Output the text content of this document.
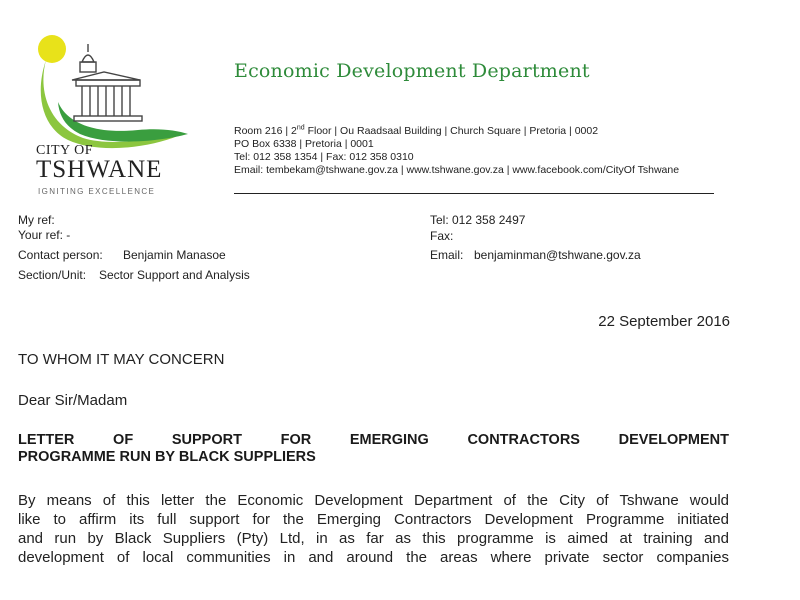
CITY OF
TSHWANE
IGNITING EXCELLENCE
Economic Development Department
Room 216 | 2nd Floor | Ou Raadsaal Building | Church Square | Pretoria | 0002
PO Box 6338 | Pretoria | 0001
Tel: 012 358 1354 | Fax: 012 358 0310
Email: tembekam@tshwane.gov.za | www.tshwane.gov.za | www.facebook.com/CityOf Tshwane
My ref:
Your ref: -
Contact person: Benjamin Manasoe
Section/Unit: Sector Support and Analysis
Tel: 012 358 2497
Fax:
Email: benjaminman@tshwane.gov.za
22 September 2016
TO WHOM IT MAY CONCERN
Dear Sir/Madam
LETTER OF SUPPORT FOR EMERGING CONTRACTORS DEVELOPMENT
PROGRAMME RUN BY BLACK SUPPLIERS
By means of this letter the Economic Development Department of the City of Tshwane would
like to affirm its full support for the Emerging Contractors Development Programme initiated
and run by Black Suppliers (Pty) Ltd, in as far as this programme is aimed at training and
development of local communities in and around the areas where private sector companies
